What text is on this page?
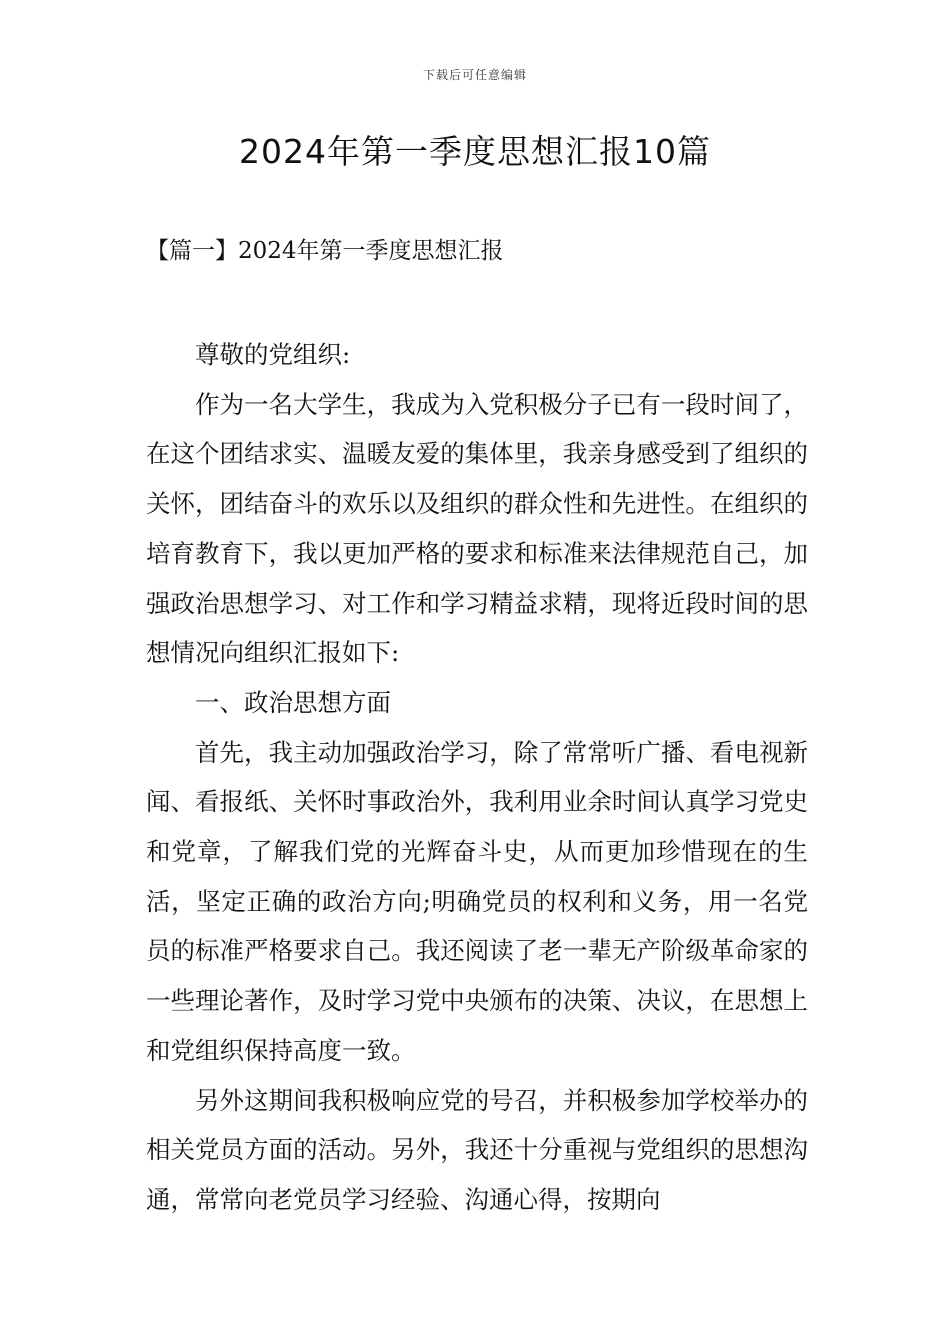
下载后可任意编辑
2024年第一季度思想汇报10篇
【篇一】2024年第一季度思想汇报

尊敬的党组织:

作为一名大学生，我成为入党积极分子已有一段时间了，在这个团结求实、温暖友爱的集体里，我亲身感受到了组织的关怀，团结奋斗的欢乐以及组织的群众性和先进性。在组织的培育教育下，我以更加严格的要求和标准来法律规范自己，加强政治思想学习、对工作和学习精益求精，现将近段时间的思想情况向组织汇报如下:

一、政治思想方面

首先，我主动加强政治学习，除了常常听广播、看电视新闻、看报纸、关怀时事政治外，我利用业余时间认真学习党史和党章，了解我们党的光辉奋斗史，从而更加珍惜现在的生活，坚定正确的政治方向;明确党员的权利和义务，用一名党员的标准严格要求自己。我还阅读了老一辈无产阶级革命家的一些理论著作，及时学习党中央颁布的决策、决议，在思想上和党组织保持高度一致。

另外这期间我积极响应党的号召，并积极参加学校举办的相关党员方面的活动。另外，我还十分重视与党组织的思想沟通，常常向老党员学习经验、沟通心得，按期向
